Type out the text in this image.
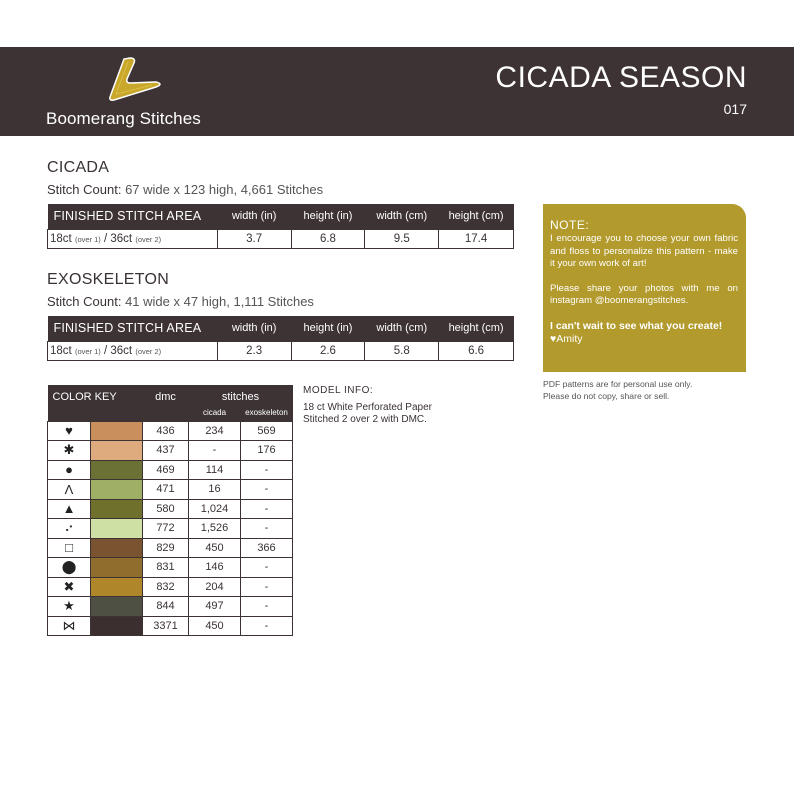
Boomerang Stitches
CICADA SEASON
017
CICADA
Stitch Count: 67 wide x 123 high, 4,661 Stitches
FINISHED STITCH AREA	width (in)	height (in)	width (cm)	height (cm)
18ct (over 1) / 36ct (over 2)	3.7	6.8	9.5	17.4
EXOSKELETON
Stitch Count: 41 wide x 47 high, 1,111 Stitches
FINISHED STITCH AREA	width (in)	height (in)	width (cm)	height (cm)
18ct (over 1) / 36ct (over 2)	2.3	2.6	5.8	6.6
COLOR KEY		dmc	stitches	
			cicada	exoskeleton
♥		436	234	569
✱		437	-	176
●		469	114	-
Λ		471	16	-
▲		580	1,024	-
⠔		772	1,526	-
□		829	450	366
⬤		831	146	-
✖		832	204	-
★		844	497	-
⋈		3371	450	-
MODEL INFO:
18 ct White Perforated Paper
Stitched 2 over 2 with DMC.
NOTE:
I encourage you to choose your own fabric and floss to personalize this pattern - make it your own work of art!
Please share your photos with me on instagram @boomerangstitches.
I can't wait to see what you create!
♥Amity
PDF patterns are for personal use only.
Please do not copy, share or sell.
